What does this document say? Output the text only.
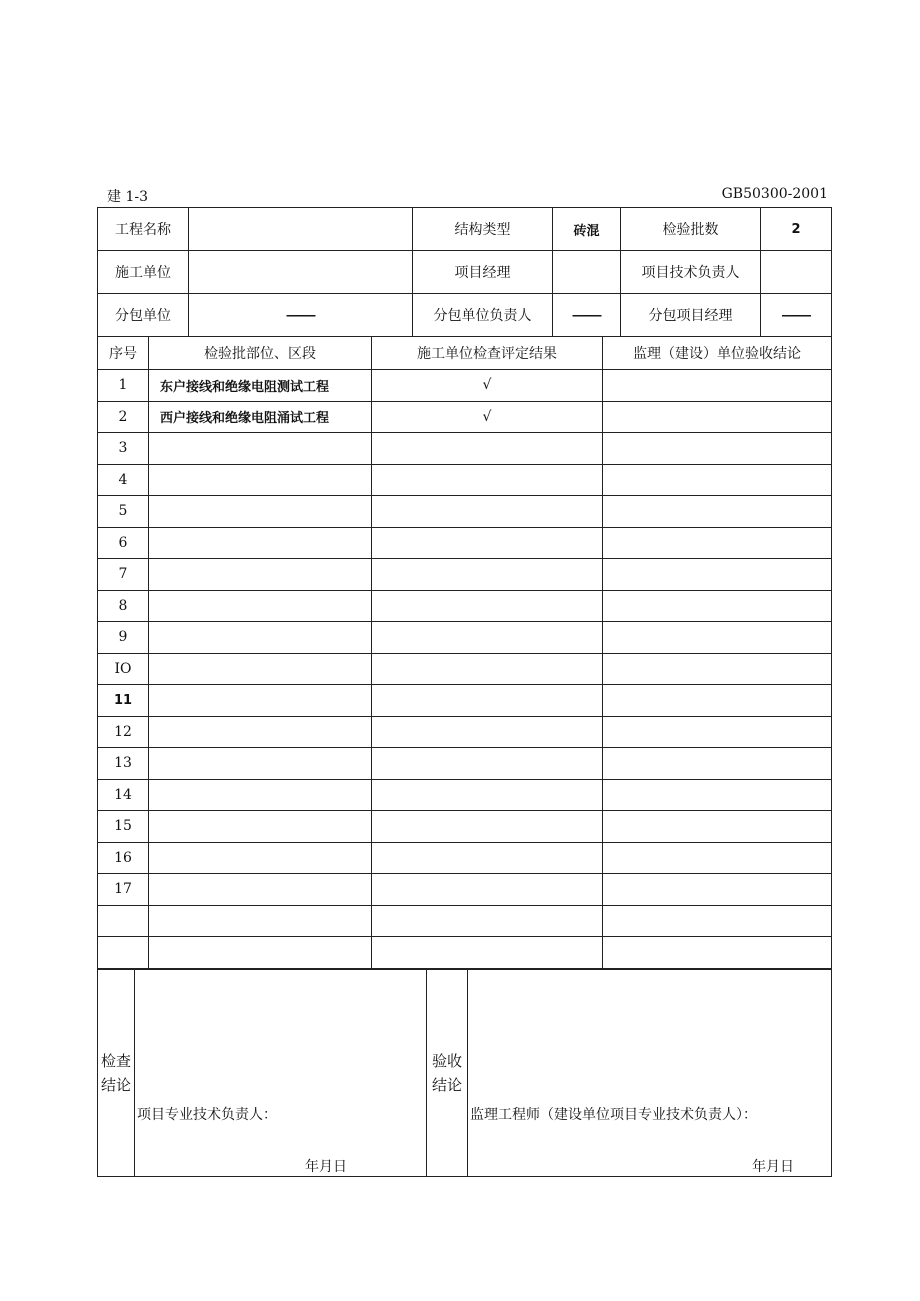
建 1-3	GB50300-2001
工程名称		结构类型	砖混	检验批数	2
施工单位		项目经理		项目技术负责人	
分包单位	——	分包单位负责人	——	分包项目经理	——
序号	检验批部位、区段	施工单位检查评定结果	监理（建设）单位验收结论
1	东户接线和绝缘电阻测试工程	√	
2	西户接线和绝缘电阻涌试工程	√	
3			
4			
5			
6			
7			
8			
9			
IO			
11			
12			
13			
14			
15			
16			
17			

检查结论	
项目专业技术负责人：
年月日
	验收结论	
监理工程师（建设单位项目专业技术负责人）：
年月日
